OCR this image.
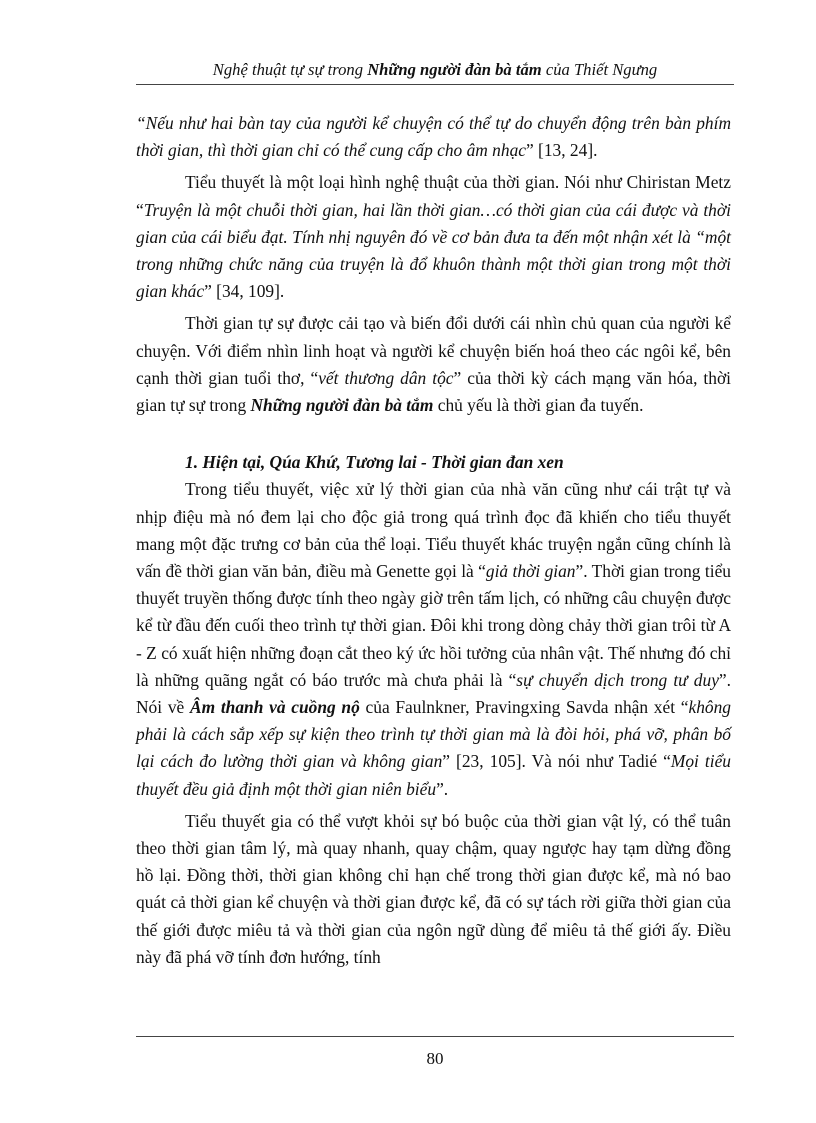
Nghệ thuật tự sự trong Những người đàn bà tắm của Thiết Ngưng

“Nếu như hai bàn tay của người kể chuyện có thể tự do chuyển động trên bàn phím thời gian, thì thời gian chỉ có thể cung cấp cho âm nhạc” [13, 24].

Tiểu thuyết là một loại hình nghệ thuật của thời gian. Nói như Chiristan Metz “Truyện là một chuỗi thời gian, hai lần thời gian…có thời gian của cái được và thời gian của cái biểu đạt. Tính nhị nguyên đó về cơ bản đưa ta đến một nhận xét là “một trong những chức năng của truyện là đổ khuôn thành một thời gian trong một thời gian khác” [34, 109].

Thời gian tự sự được cải tạo và biến đổi dưới cái nhìn chủ quan của người kể chuyện. Với điểm nhìn linh hoạt và người kể chuyện biến hoá theo các ngôi kể, bên cạnh thời gian tuổi thơ, “vết thương dân tộc” của thời kỳ cách mạng văn hóa, thời gian tự sự trong Những người đàn bà tắm chủ yếu là thời gian đa tuyến.

1. Hiện tại, Qúa Khứ, Tương lai - Thời gian đan xen

Trong tiểu thuyết, việc xử lý thời gian của nhà văn cũng như cái trật tự và nhịp điệu mà nó đem lại cho độc giả trong quá trình đọc đã khiến cho tiểu thuyết mang một đặc trưng cơ bản của thể loại. Tiểu thuyết khác truyện ngắn cũng chính là vấn đề thời gian văn bản, điều mà Genette gọi là “giả thời gian”. Thời gian trong tiểu thuyết truyền thống được tính theo ngày giờ trên tấm lịch, có những câu chuyện được kể từ đầu đến cuối theo trình tự thời gian. Đôi khi trong dòng chảy thời gian trôi từ A - Z có xuất hiện những đoạn cắt theo ký ức hồi tưởng của nhân vật. Thế nhưng đó chỉ là những quãng ngắt có báo trước mà chưa phải là “sự chuyển dịch trong tư duy”. Nói về Âm thanh và cuồng nộ của Faulnkner, Pravingxing Savda nhận xét “không phải là cách sắp xếp sự kiện theo trình tự thời gian mà là đòi hỏi, phá vỡ, phân bố lại cách đo lường thời gian và không gian” [23, 105]. Và nói như Tadié “Mọi tiểu thuyết đều giả định một thời gian niên biểu”.

Tiểu thuyết gia có thể vượt khỏi sự bó buộc của thời gian vật lý, có thể tuân theo thời gian tâm lý, mà quay nhanh, quay chậm, quay ngược hay tạm dừng đồng hồ lại. Đồng thời, thời gian không chỉ hạn chế trong thời gian được kể, mà nó bao quát cả thời gian kể chuyện và thời gian được kể, đã có sự tách rời giữa thời gian của thế giới được miêu tả và thời gian của ngôn ngữ dùng để miêu tả thế giới ấy. Điều này đã phá vỡ tính đơn hướng, tính

80
